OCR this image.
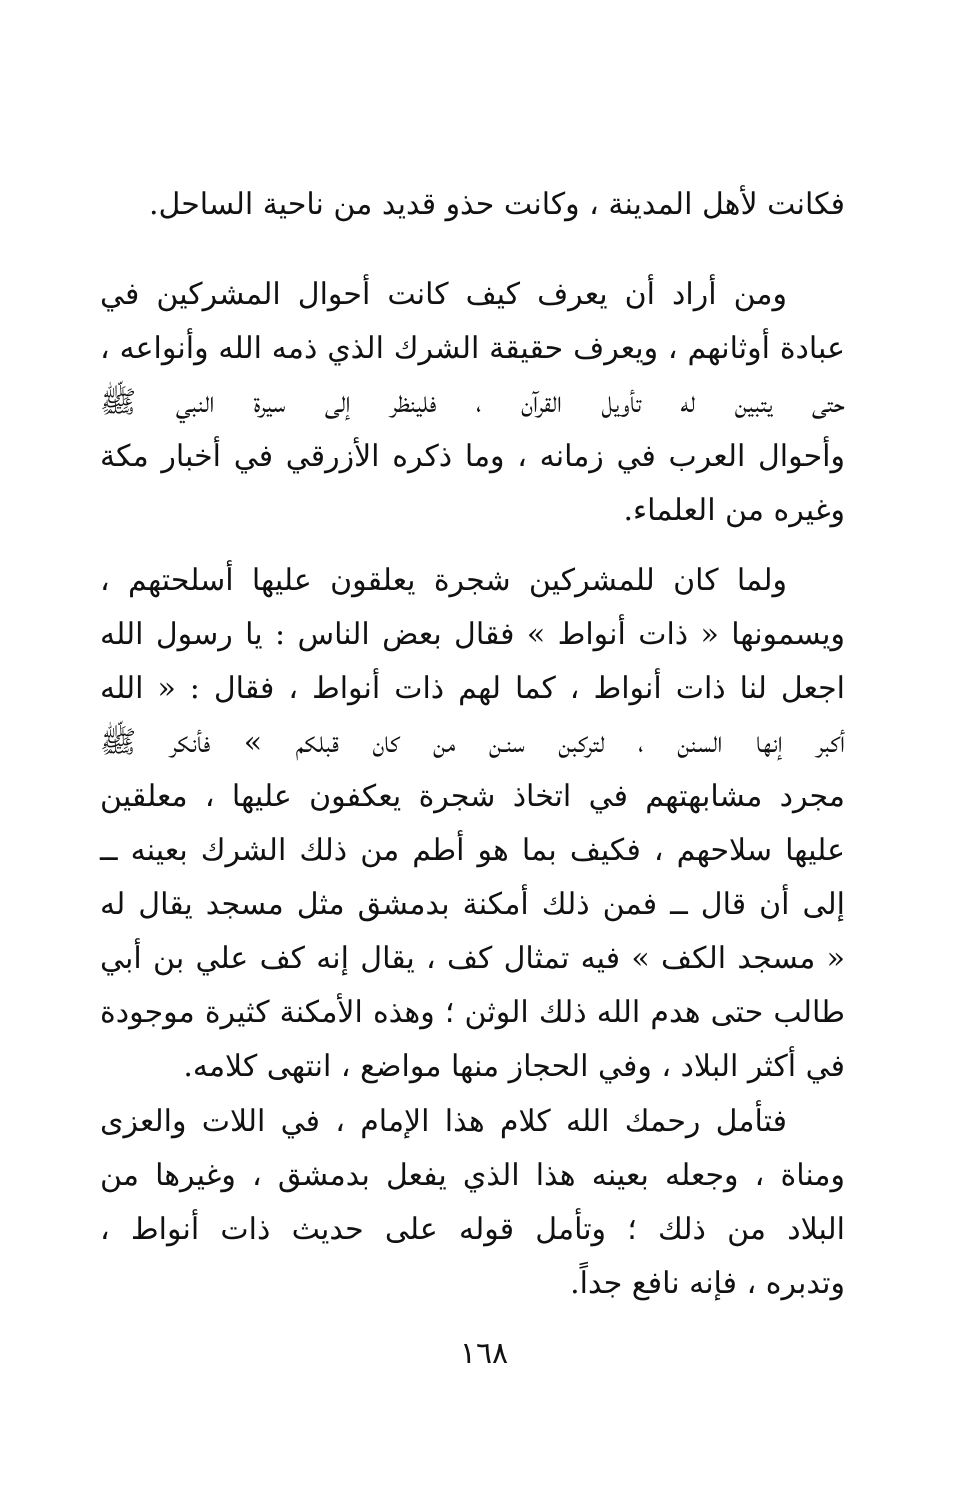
فكانت لأهل المدينة ، وكانت حذو قديد من ناحية الساحل.
ومن أراد أن يعرف كيف كانت أحوال المشركين في
عبادة أوثانهم ، ويعرف حقيقة الشرك الذي ذمه الله وأنواعه ،
حتى يتبين له تأويل القرآن ، فلينظر إلى سيرة النبي ﷺ
وأحوال العرب في زمانه ، وما ذكره الأزرقي في أخبار مكة
وغيره من العلماء.
ولما كان للمشركين شجرة يعلقون عليها أسلحتهم ،
ويسمونها « ذات أنواط » فقال بعض الناس : يا رسول الله
اجعل لنا ذات أنواط ، كما لهم ذات أنواط ، فقال : « الله
أكبر إنها السنن ، لتركبن سنـن من كان قبلكم » فأنكر ﷺ
مجرد مشابهتهم في اتخاذ شجرة يعكفون عليها ، معلقين
عليها سلاحهم ، فكيف بما هو أطم من ذلك الشرك بعينه ــ
إلى أن قال ــ فمن ذلك أمكنة بدمشق مثل مسجد يقال له
« مسجد الكف » فيه تمثال كف ، يقال إنه كف علي بن أبي
طالب حتى هدم الله ذلك الوثن ؛ وهذه الأمكنة كثيرة موجودة
في أكثر البلاد ، وفي الحجاز منها مواضع ، انتهى كلامه.
فتأمل رحمك الله كلام هذا الإمام ، في اللات والعزى
ومناة ، وجعله بعينه هذا الذي يفعل بدمشق ، وغيرها من
البلاد من ذلك ؛ وتأمل قوله على حديث ذات أنواط ،
وتدبره ، فإنه نافع جداً.
١٦٨
